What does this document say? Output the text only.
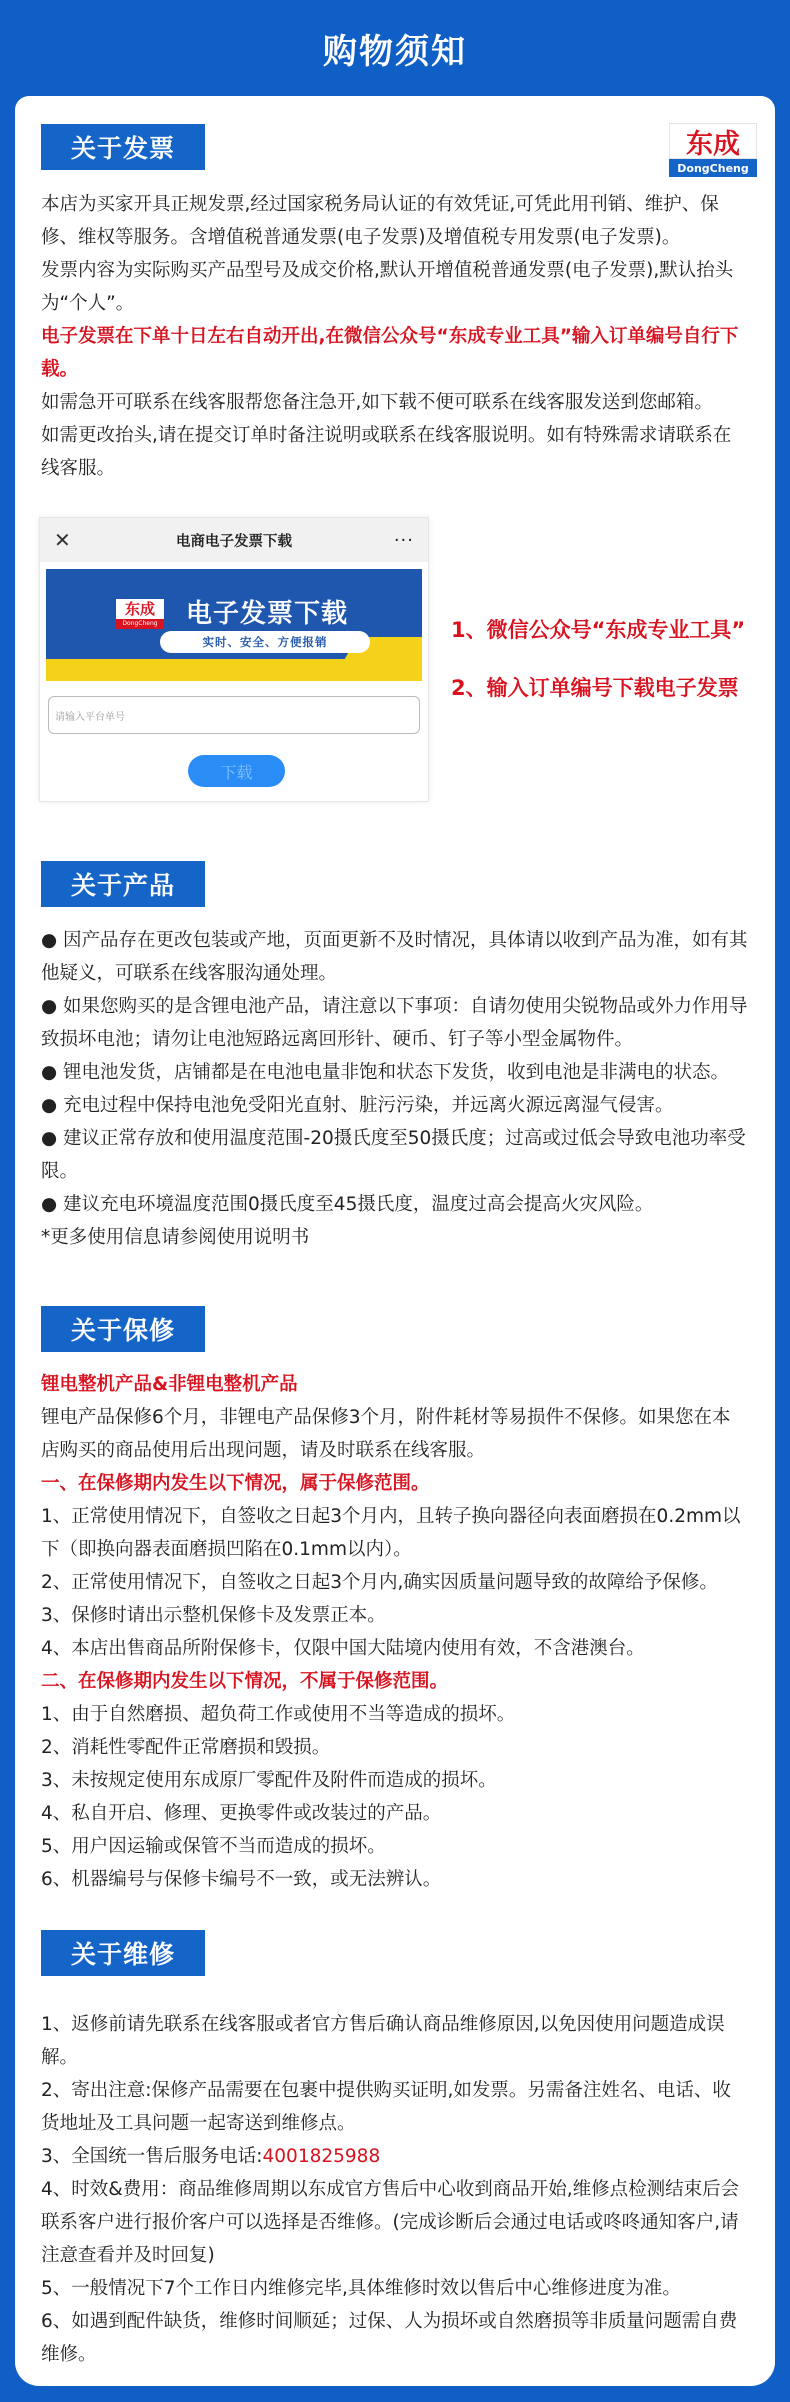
购物须知
关于发票	东成
DongCheng

本店为买家开具正规发票,经过国家税务局认证的有效凭证,可凭此用刊销、维护、保修、维权等服务。含增值税普通发票(电子发票)及增值税专用发票(电子发票)。

发票内容为实际购买产品型号及成交价格,默认开增值税普通发票(电子发票),默认抬头为“个人”。

电子发票在下单十日左右自动开出,在微信公众号“东成专业工具”输入订单编号自行下载。

如需急开可联系在线客服帮您备注急开,如下载不便可联系在线客服发送到您邮箱。

如需更改抬头,请在提交订单时备注说明或联系在线客服说明。如有特殊需求请联系在线客服。

✕	电商电子发票下载	···
东成
DongCheng 电子发票下载
实时、安全、方便报销
请输入平台单号
下载
1、微信公众号“东成专业工具”
2、输入订单编号下载电子发票
关于产品

● 因产品存在更改包装或产地，页面更新不及时情况，具体请以收到产品为准，如有其他疑义，可联系在线客服沟通处理。

● 如果您购买的是含锂电池产品，请注意以下事项：自请勿使用尖锐物品或外力作用导致损坏电池；请勿让电池短路远离回形针、硬币、钉子等小型金属物件。

● 锂电池发货，店铺都是在电池电量非饱和状态下发货，收到电池是非满电的状态。

● 充电过程中保持电池免受阳光直射、脏污污染，并远离火源远离湿气侵害。

● 建议正常存放和使用温度范围-20摄氏度至50摄氏度；过高或过低会导致电池功率受限。

● 建议充电环境温度范围0摄氏度至45摄氏度，温度过高会提高火灾风险。

*更多使用信息请参阅使用说明书

关于保修

锂电整机产品&非锂电整机产品

锂电产品保修6个月，非锂电产品保修3个月，附件耗材等易损件不保修。如果您在本店购买的商品使用后出现问题，请及时联系在线客服。

一、在保修期内发生以下情况，属于保修范围。

1、正常使用情况下，自签收之日起3个月内，且转子换向器径向表面磨损在0.2mm以下（即换向器表面磨损凹陷在0.1mm以内）。

2、正常使用情况下，自签收之日起3个月内,确实因质量问题导致的故障给予保修。

3、保修时请出示整机保修卡及发票正本。

4、本店出售商品所附保修卡，仅限中国大陆境内使用有效，不含港澳台。

二、在保修期内发生以下情况，不属于保修范围。

1、由于自然磨损、超负荷工作或使用不当等造成的损坏。

2、消耗性零配件正常磨损和毁损。

3、未按规定使用东成原厂零配件及附件而造成的损坏。

4、私自开启、修理、更换零件或改装过的产品。

5、用户因运输或保管不当而造成的损坏。

6、机器编号与保修卡编号不一致，或无法辨认。

关于维修

1、返修前请先联系在线客服或者官方售后确认商品维修原因,以免因使用问题造成误解。

2、寄出注意:保修产品需要在包裹中提供购买证明,如发票。另需备注姓名、电话、收货地址及工具问题一起寄送到维修点。

3、全国统一售后服务电话:4001825988

4、时效&费用：商品维修周期以东成官方售后中心收到商品开始,维修点检测结束后会联系客户进行报价客户可以选择是否维修。(完成诊断后会通过电话或咚咚通知客户,请注意查看并及时回复)

5、一般情况下7个工作日内维修完毕,具体维修时效以售后中心维修进度为准。

6、如遇到配件缺货，维修时间顺延；过保、人为损坏或自然磨损等非质量问题需自费维修。
